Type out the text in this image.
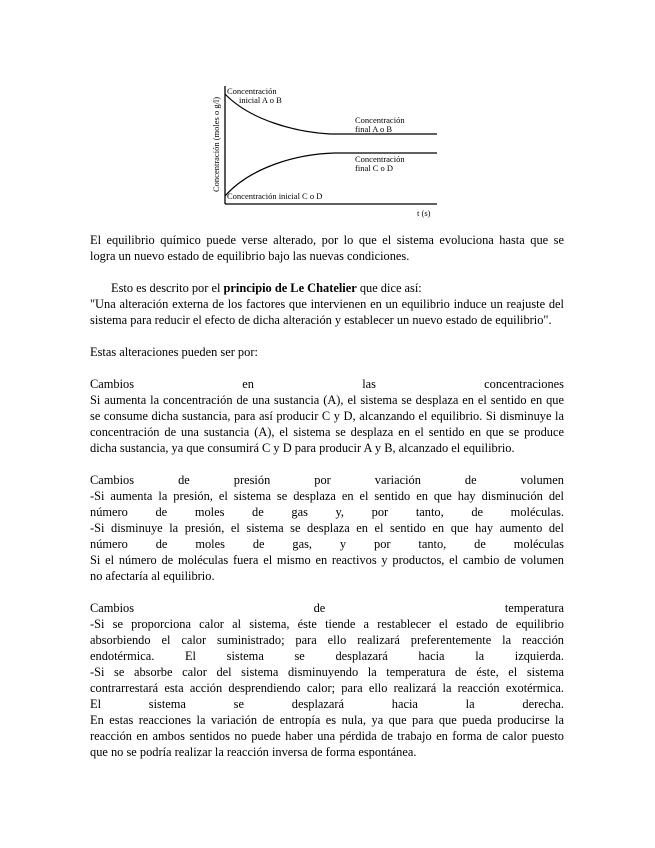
Concentración (moles o g/l)
Concentración
inicial A o B
Concentración
final A o B
Concentración
final C o D
Concentración inicial C o D
t (s)

El equilibrio químico puede verse alterado, por lo que el sistema evoluciona hasta que se

logra un nuevo estado de equilibrio bajo las nuevas condiciones.

Esto es descrito por el principio de Le Chatelier que dice así:
"Una alteración externa de los factores que intervienen en un equilibrio induce un reajuste del sistema para reducir el efecto de dicha alteración y establecer un nuevo estado de equilibrio".

Estas alteraciones pueden ser por:

Cambios en las concentraciones

Si aumenta la concentración de una sustancia (A), el sistema se desplaza en el sentido en que se consume dicha sustancia, para así producir C y D, alcanzando el equilibrio. Si disminuye la concentración de una sustancia (A), el sistema se desplaza en el sentido en que se produce dicha sustancia, ya que consumirá C y D para producir A y B, alcanzado el equilibrio.

Cambios de presión por variación de volumen

-Si aumenta la presión, el sistema se desplaza en el sentido en que hay disminución del

número de moles de gas y, por tanto, de moléculas.

-Si disminuye la presión, el sistema se desplaza en el sentido en que hay aumento del

número de moles de gas, y por tanto, de moléculas

Si el número de moléculas fuera el mismo en reactivos y productos, el cambio de volumen

no afectaría al equilibrio.

Cambios de temperatura

-Si se proporciona calor al sistema, éste tiende a restablecer el estado de equilibrio

absorbiendo el calor suministrado; para ello realizará preferentemente la reacción

endotérmica. El sistema se desplazará hacia la izquierda.

-Si se absorbe calor del sistema disminuyendo la temperatura de éste, el sistema

contrarrestará esta acción desprendiendo calor; para ello realizará la reacción exotérmica.

El sistema se desplazará hacia la derecha.

En estas reacciones la variación de entropía es nula, ya que para que pueda producirse la

reacción en ambos sentidos no puede haber una pérdida de trabajo en forma de calor puesto

que no se podría realizar la reacción inversa de forma espontánea.
